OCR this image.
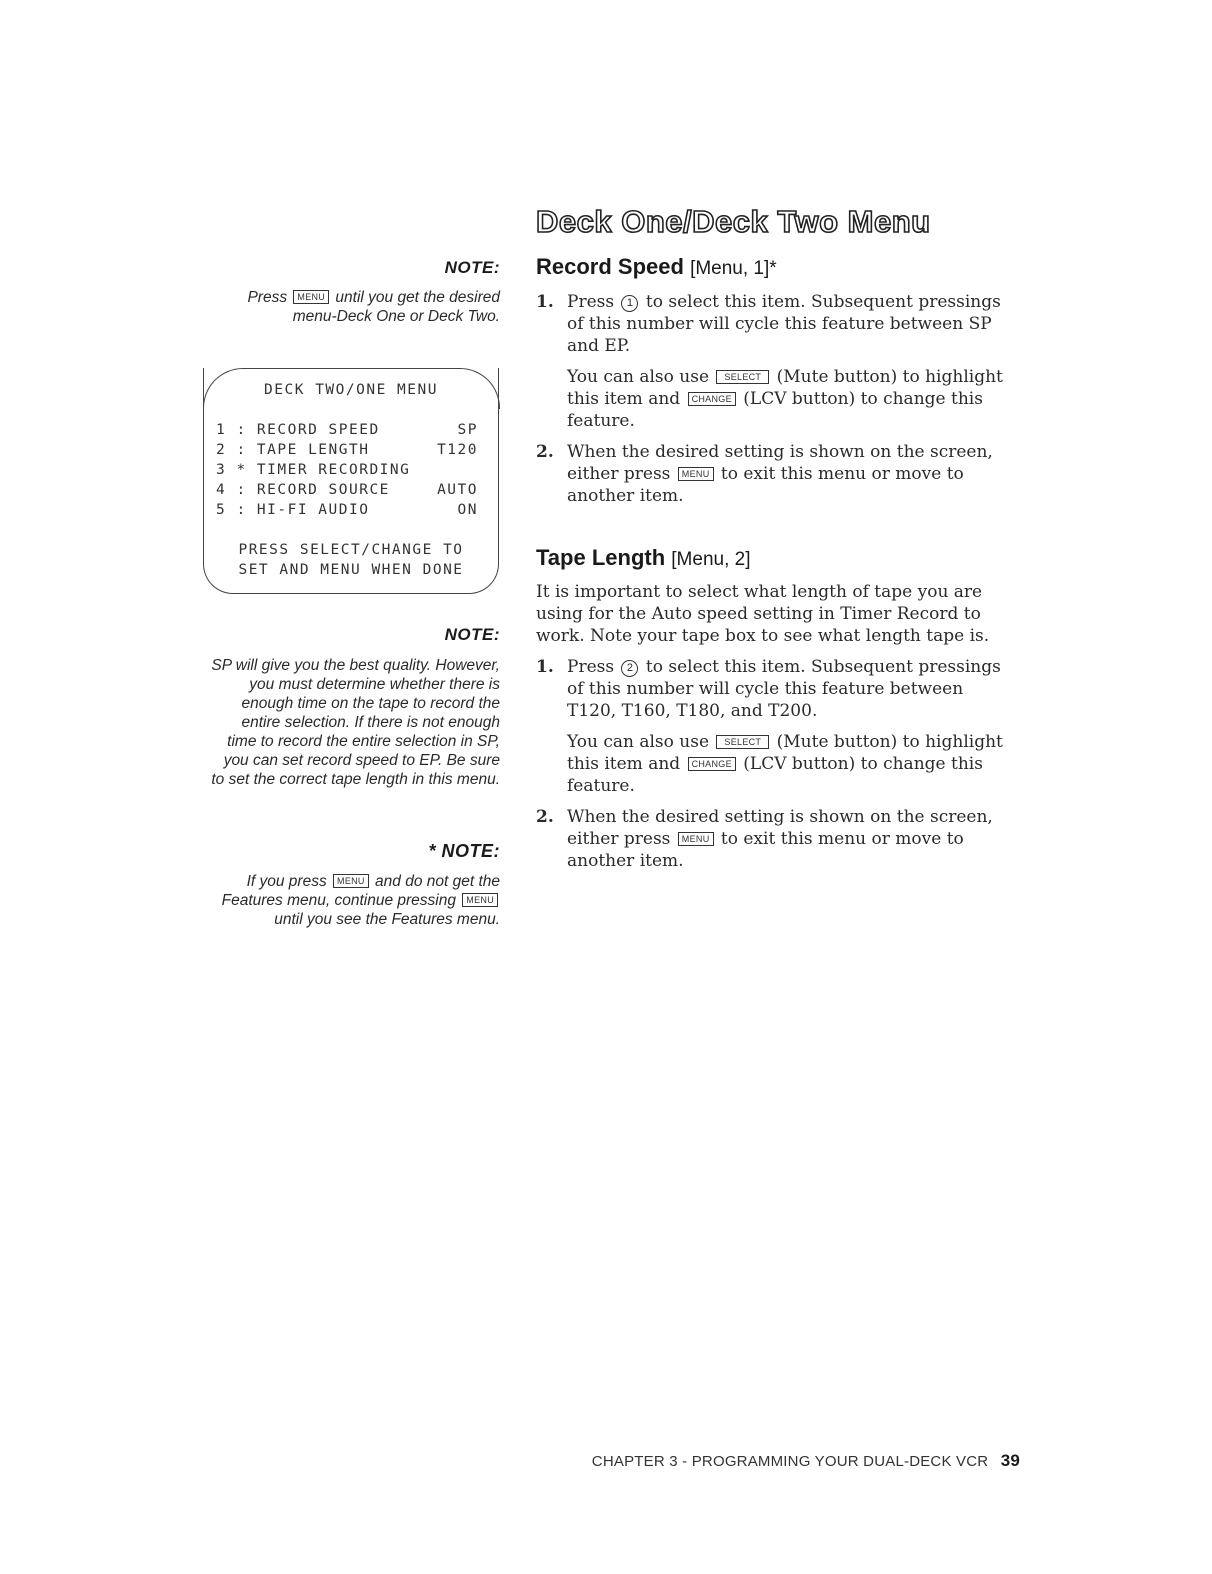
NOTE:
Press MENU until you get the desired menu-Deck One or Deck Two.
DECK TWO/ONE MENU
1 : RECORD SPEED	SP
2 : TAPE LENGTH	T120
3 * TIMER RECORDING
4 : RECORD SOURCE	AUTO
5 : HI-FI AUDIO	ON
PRESS SELECT/CHANGE TO
SET AND MENU WHEN DONE
NOTE:
SP will give you the best quality. However, you must determine whether there is enough time on the tape to record the entire selection. If there is not enough time to record the entire selection in SP, you can set record speed to EP. Be sure to set the correct tape length in this menu.
* NOTE:
If you press MENU and do not get the Features menu, continue pressing MENU until you see the Features menu.
Deck One/Deck Two Menu
Record Speed [Menu, 1]*
1. Press 1 to select this item. Subsequent pressings of this number will cycle this feature between SP and EP.
You can also use SELECT (Mute button) to highlight this item and CHANGE (LCV button) to change this feature.
2. When the desired setting is shown on the screen, either press MENU to exit this menu or move to another item.
Tape Length [Menu, 2]
It is important to select what length of tape you are using for the Auto speed setting in Timer Record to work. Note your tape box to see what length tape is.
1. Press 2 to select this item. Subsequent pressings of this number will cycle this feature between T120, T160, T180, and T200.
You can also use SELECT (Mute button) to highlight this item and CHANGE (LCV button) to change this feature.
2. When the desired setting is shown on the screen, either press MENU to exit this menu or move to another item.
CHAPTER 3 - PROGRAMMING YOUR DUAL-DECK VCR 39
